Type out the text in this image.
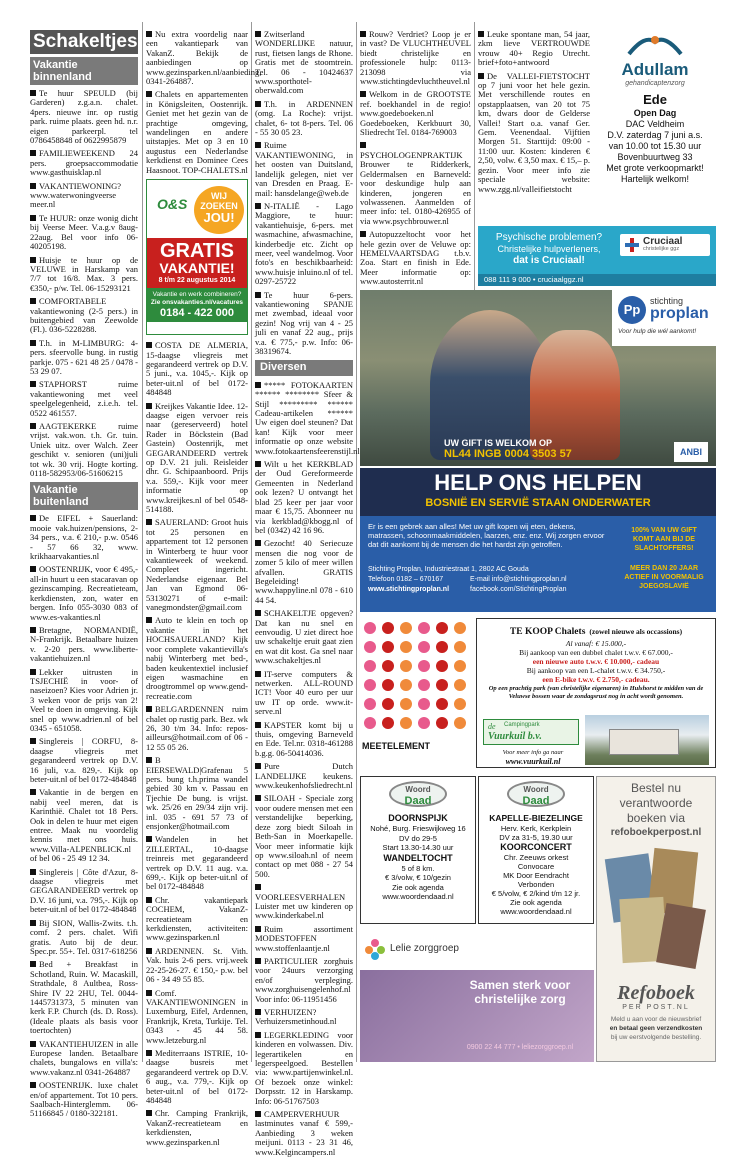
Schakeltjes
Vakantie binnenland

Te huur SPEULD (bij Garderen) z.g.a.n. chalet. 4pers. nieuwe inr. op rustig park. ruime plaats. geen hd. n.r. eigen parkeerpl. tel 0786458848 of 0622995879

FAMILIEWEEKEND 24 pers. groepsaccommodatie www.gasthuisklap.nl

VAKANTIEWONING? www.waterwoningveerse meer.nl

Te HUUR: onze wonig dicht bij Veerse Meer. V.a.g.v 8aug-22aug. Bel voor info 06-40205198.

Huisje te huur op de VELUWE in Harskamp van 7/7 tot 16/8. Max. 3 pers. €350,- p/w. Tel. 06-15293121

COMFORTABELE vakantiewoning (2-5 pers.) in buitengebied van Zeewolde (Fl.). 036-5228288.

T.h. in M-LIMBURG: 4-pers. sfeervolle bung. in rustig parkje. 075 - 621 48 25 / 0478 - 53 29 07.

STAPHORST ruime vakantiewoning met veel speelgelegenheid, z.i.e.h. tel. 0522 461557.

AAGTEKERKE ruime vrijst. vak.won. t.h. Gr. tuin. Uniek uitz. over Walch. Zeer geschikt v. senioren (uni)juli tot wk. 30 vrij. Hogte korting. 0118-582953/06-51606215

Vakantie buitenland

De EIFEL + Sauerland: mooie vak.huizen/pensions, 2-34 pers., v.a. € 210,- p.w. 0546 - 57 66 32, www. krikhaarvakanties.nl

OOSTENRIJK, voor € 495,- all-in huurt u een stacaravan op gezinscamping. Recreatieteam, kerkdiensten, zon, water en bergen. Info 055-3030 083 of www.es-vakanties.nl

Bretagne, NORMANDIË, N-Frankrijk. Betaalbare huizen v. 2-20 pers. www.liberte-vakantiehuizen.nl

Lekker uitrusten in TSJECHIË in voor- of naseizoen? Kies voor Adrien jr. 3 weken voor de prijs van 2! Veel te doen in omgeving. Kijk snel op www.adrien.nl of bel 0345 - 651058.

Singlereis | CORFU, 8-daagse vliegreis met gegarandeerd vertrek op D.V. 16 juli, v.a. 829,-. Kijk op beter-uit.nl of bel 0172-484848

Vakantie in de bergen en nabij veel meren, dat is Karinthië. Chalet tot 18 Pers. Ook in delen te huur met eigen entree. Maak nu voordelig kennis met ons huis. www.Villa-ALPENBLICK.nl of bel 06 - 25 49 12 34.

Singlereis | Côte d'Azur, 8-daagse vliegreis met GEGARANDEERD vertrek op D.V. 16 juni, v.a. 795,-. Kijk op beter-uit.nl of bel 0172-484848

Bij SION, Wallis-Zwits. t.h. comf. 2 pers. chalet. Wifi gratis. Auto bij de deur. Spec.pr. 55+. Tel. 0317-618256

Bed + Breakfast in Schotland, Ruin. W. Macaskill, Strathdale, 8 Aultbea, Ross-Shire IV 22 2HU, Tel. 0044-1445731373, 5 minuten van kerk F.P. Church (ds. D. Ross). (Ideale plaats als basis voor toertochten)

VAKANTIEHUIZEN in alle Europese landen. Betaalbare chalets, bungalows en villa's: www.vakanz.nl 0341-264887

OOSTENRIJK. luxe chalet en/of appartement. Tot 10 pers. Saalbach-Hinterglemm. 06-51166845 / 0180-322181.

Nu extra voordelig naar een vakantiepark van VakanZ. Bekijk de aanbiedingen op www.gezinsparken.nl/aanbieding, 0341-264887.

Chalets en appartementen in Königsleiten, Oostenrijk. Geniet met het gezin van de prachtige omgeving, wandelingen en andere uitstapjes. Met op 3 en 10 augustus een Nederlandse kerkdienst en Dominee Cees Haasnoot. TOP-CHALETS.nl

O&S	WIJ
ZOEKEN
JOU!
GRATIS
VAKANTIE!
8 t/m 22 augustus 2014
Vakantie en werk combineren?
Zie onsvakanties.nl/vacatures
0184 - 422 000

COSTA DE ALMERIA, 15-daagse vliegreis met gegarandeerd vertrek op D.V. 5 juni., v.a. 1045,-. Kijk op beter-uit.nl of bel 0172-484848

Kreijkes Vakantie Idee. 12-daagse eigen vervoer reis naar (gereserveerd) hotel Rader in Böckstein (Bad Gastein) Oostenrijk, met GEGARANDEERD vertrek op D.V. 21 juli. Reisleider dhr. G. Schipaanboord. Prijs v.a. 559,-. Kijk voor meer informatie op www.kreijkes.nl of bel 0548-514188.

SAUERLAND: Groot huis tot 25 personen en appartement tot 12 personen in Winterberg te huur voor vakantieweek of weekend. Compleet ingericht. Nederlandse eigenaar. Bel Jan van Egmond 06-53130271 of e-mail: vanegmondster@gmail.com

Auto te klein en toch op vakantie in het HOCHSAUERLAND? Kijk voor complete vakantievilla's nabij Winterberg met bed-, baden keukentextiel inclusief eigen wasmachine en droogtrommel op www.gend-recreatie.com

BELGARDENNEN ruim chalet op rustig park. Bez. wk 26, 30 t/m 34. Info: repos-ailleurs@hotmail.com of 06 - 12 55 05 26.

B EIERSEWALD|Grafenau 5 pers. bung t.h.prima wandel gebied 30 km v. Passau en Tjechie De bung. is vrijst. wk. 25/26 en 29/34 zijn vrij. inl. 035 - 691 57 73 of ensjonker@hotmail.com

Wandelen in het ZILLERTAL, 10-daagse treinreis met gegarandeerd vertrek op D.V. 11 aug. v.a. 699,-. Kijk op beter-uit.nl of bel 0172-484848

Chr. vakantiepark COCHEM, VakanZ-recreatieteam en kerkdiensten, activiteiten: www.gezinsparken.nl

ARDENNEN. St. Vith. Vak. huis 2-6 pers. vrij.week 22-25-26-27. € 150,- p.w. bel 06 - 34 49 55 85.

Comf. VAKANTIEWONINGEN in Luxemburg, Eifel, Ardennen, Frankrijk, Kreta, Turkije. Tel. 0343 - 45 44 58. www.letzeburg.nl

Mediterraans ISTRIE, 10-daagse busreis met gegarandeerd vertrek op D.V. 6 aug., v.a. 779,-. Kijk op beter-uit.nl of bel 0172-484848

Chr. Camping Frankrijk, VakanZ-recreatieteam en kerkdiensten, www.gezinsparken.nl

Zwitserland WONDERLIJKE natuur, rust, fietsen langs de Rhone. Gratis met de stoomtrein. Tel. 06 - 10424637 www.sporthotel-oberwald.com

T.h. in ARDENNEN (omg. La Roche): vrijst. chalet, 6- tot 8-pers. Tel. 06 - 55 30 05 23.

Ruime VAKANTIEWONING, in het oosten van Duitsland, landelijk gelegen, niet ver van Dresden en Praag. E-mail: hansdelange@web.de

N-ITALIË - Lago Maggiore, te huur: vakantiehuisje, 6-pers. met wasmachine, afwasmachine, kinderbedje etc. Zicht op meer, veel wandelmog. Voor foto's en beschikbaarheid: www.huisje inluino.nl of tel. 0297-25722

Te huur 6-pers. vakantiewoning SPANJE met zwembad, ideaal voor gezin! Nog vrij van 4 - 25 juli en vanaf 22 aug., prijs v.a. € 775,- p.w. Info: 06-38319674.

Diversen

***** FOTOKAARTEN ****** ******** Sfeer & Stijl ********* ****** Cadeau-artikelen ****** Uw eigen doel steunen? Dat kan! Kijk voor meer informatie op onze website www.fotokaartensfeerenstijl.nl

Wilt u het KERKBLAD der Oud Gereformeerde Gemeenten in Nederland ook lezen? U ontvangt het blad 25 keer per jaar voor maar € 15,75. Abonneer nu via kerkblad@kbogg.nl of bel (0342) 42 16 96.

Gezocht! 40 Seriecuze mensen die nog voor de zomer 5 kilo of meer willen afvallen. GRATIS Begeleiding! www.happyline.nl 078 - 610 44 54.

SCHAKELTJE opgeven? Dat kan nu snel en eenvoudig. U ziet direct hoe uw schakeltje eruit gaat zien en wat dit kost. Ga snel naar www.schakeltjes.nl

IT-serve computers & netwerken. ALL-ROUND ICT! Voor 40 euro per uur uw IT op orde. www.it-serve.nl

KAPSTER komt bij u thuis, omgeving Barneveld en Ede. Tel.nr. 0318-461288 b.g.g. 06-50414036.

Pure Dutch LANDELIJKE keukens. www.keukenhofsliedrecht.nl

SILOAH - Speciale zorg voor oudere mensen met een verstandelijke beperking, deze zorg biedt Siloah in Beth-San in Moerkapelle. Voor meer informatie kijk op www.siloah.nl of neem contact op met 088 - 27 54 500.

VOORLEESVERHALEN Luister met uw kinderen op www.kinderkabel.nl

Ruim assortiment MODESTOFFEN www.stoffenlaantje.nl

PARTICULIER zorghuis voor 24uurs verzorging en/of verpleging. www.zorghuisengelenhof.nl Voor info: 06-11951456

VERHUIZEN? Verhuizersmetinhoud.nl

LEGERKLEDING voor kinderen en volwassen. Div. legerartikelen en legerspeelgoed. Bestellen via: www.partijenwinkel.nl. Of bezoek onze winkel: Dorpsstr. 12 in Harskamp. Info: 06-51767503

CAMPERVERHUUR lastminutes vanaf € 599,-Aanbieding 3 weken meijuni. 0113 - 23 31 46, www.Kelgincampers.nl

Rouw? Verdriet? Loop je er in vast? De VLUCHTHEUVEL biedt christelijke en professionele hulp: 0113-213098 via www.stichtingdevluchtheuvel.nl

Welkom in de GROOTSTE ref. boekhandel in de regio! www.goedeboeken.nl Goedeboeken, Kerkbuurt 30, Sliedrecht Tel. 0184-769003

PSYCHOLOGENPRAKTIJK Brouwer te Ridderkerk, Geldermalsen en Barneveld: voor deskundige hulp aan kinderen, jongeren en volwassenen. Aanmelden of meer info: tel. 0180-426955 of via www.psychbrouwer.nl

Autopuzzeltocht voor het hele gezin over de Veluwe op: HEMELVAARTSDAG t.b.v. Zoa. Start en finish in Ede. Meer informatie op: www.autosterrit.nl

Leuke spontane man, 54 jaar, zkm lieve VERTROUWDE vrouw 40+ Regio Utrecht. brief+foto+antwoord

De VALLEI-FIETSTOCHT op 7 juni voor het hele gezin. Met verschillende routes en opstapplaatsen, van 20 tot 75 km, dwars door de Gelderse Vallei! Start o.a. vanaf Ger. Gem. Veenendaal. Vijftien Morgen 51. Starttijd: 09:00 - 11:00 uur. Kosten: kinderen € 2,50, volw. € 3,50 max. € 15,– p. gezin. Voor meer info zie speciale website: www.zgg.nl/valleifietstocht

Adullam
gehandicaptenzorg
Ede
Open Dag
DAC Veldheim
D.V. zaterdag 7 juni a.s.
van 10.00 tot 15.30 uur
Bovenbuurtweg 33
Met grote verkoopmarkt!
Hartelijk welkom!
Psychische problemen?
Christelijke hulpverleners,
dat is Cruciaal!
Cruciaal
christelijke ggz
088 111 9 000 • cruciaalggz.nl
Pp
stichting
proplan
Voor hulp die wél aankomt!
UW GIFT IS WELKOM OP
NL44 INGB 0004 3503 57	ANBI
HELP ONS HELPEN
BOSNIË EN SERVIË STAAN ONDERWATER
Er is een gebrek aan alles! Met uw gift kopen wij eten, dekens, matrassen, schoonmaakmiddelen, laarzen, enz. enz. Wij zorgen ervoor dat dit aankomt bij de mensen die het hardst zijn getroffen.
Stichting Proplan, Industriestraat 1, 2802 AC Gouda
Telefoon 0182 – 670167	E-mail info@stichtingproplan.nl
www.stichtingproplan.nl	facebook.com/StichtingProplan
100% VAN UW GIFT KOMT AAN BIJ DE SLACHTOFFERS!
MEER DAN 20 JAAR ACTIEF IN VOORMALIG JOEGOSLAVIË
MEETELEMENT
TE KOOP Chalets (zowel nieuwe als occassions)
Al vanaf: € 15.000,-
Bij aankoop van een dubbel chalet t.w.v. € 67.000,-
een nieuwe auto t.w.v. € 10.000,- cadeau
Bij aankoop van een L-chalet t.w.v. € 34.750,-
een E-bike t.w.v. € 2.750,- cadeau.
Op een prachtig park (van christelijke eigenaren) in Hulshorst te midden van de Veluwse bossen waar de zondagsrust nog in acht wordt genomen.
de Campingpark
Vuurkuil b.v.
Voor meer info ga naar
www.vuurkuil.nl
Woord
Daad
DOORNSPIJK
Nohé, Burg. Frieswijkweg 16
DV do 29-5
Start 13.30-14.30 uur
WANDELTOCHT
5 of 8 km.
€ 3/volw, € 10/gezin
Zie ook agenda
www.woordendaad.nl
Woord
Daad
KAPELLE-BIEZELINGE
Herv. Kerk, Kerkplein
DV za 31-5, 19.30 uur
KOORCONCERT
Chr. Zeeuws orkest
Convocare
MK Door Eendracht
Verbonden
€ 5/volw, € 2/kind t/m 12 jr.
Zie ook agenda
www.woordendaad.nl
Lelie zorggroep
Samen sterk voor
christelijke zorg
0900 22 44 777 • leliezorggroep.nl
Bestel nu
verantwoorde
boeken via
refoboekperpost.nl
Refoboek
PER POST.NL
Meld u aan voor de nieuwsbrief
en betaal geen verzendkosten
bij uw eerstvolgende bestelling.
